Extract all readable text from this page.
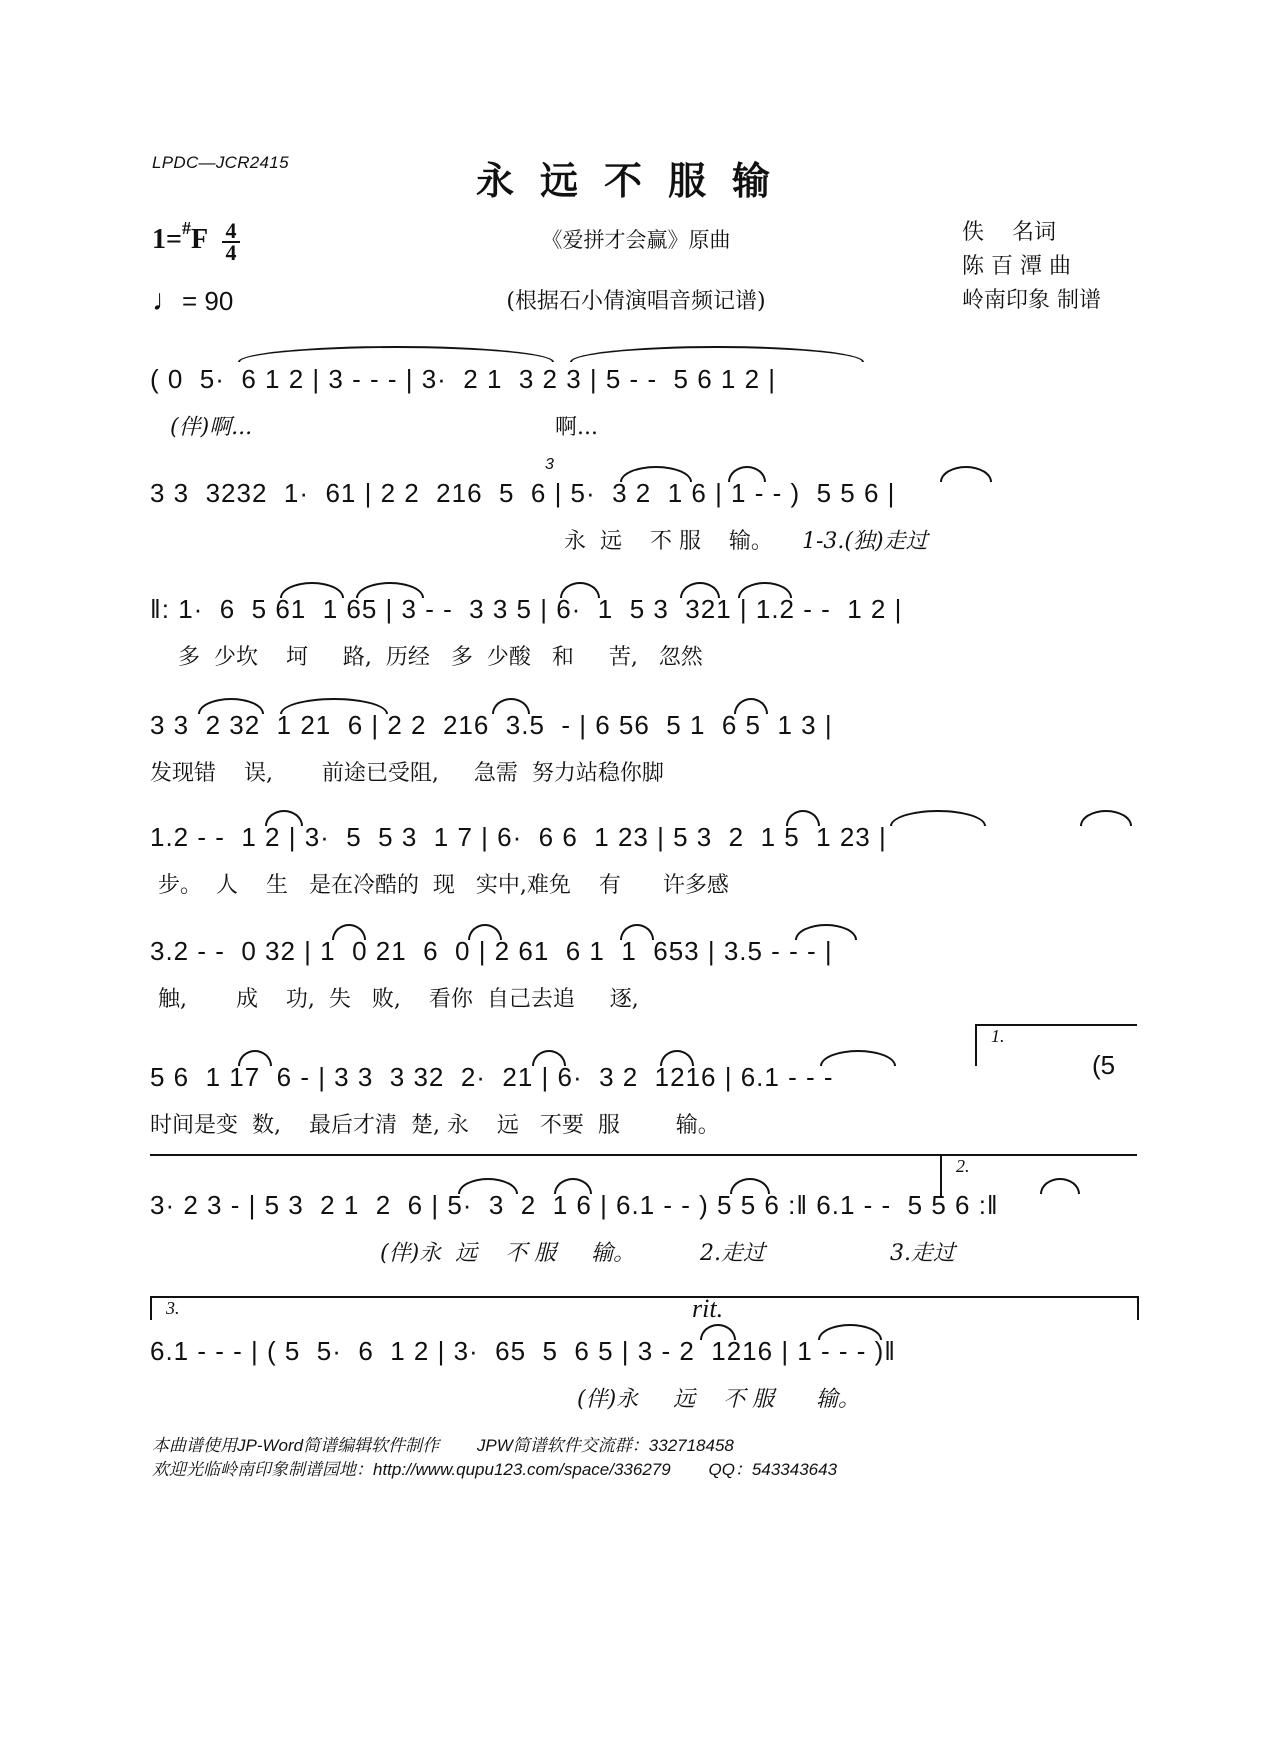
LPDC—JCR2415	永远不服输
$1=^{\#}F \frac{4}{4}$
♩= 90
《爱拼才会赢》原曲
(根据石小倩演唱音频记谱)
佚    名词
陈 百 潭 曲
岭南印象 制谱
( 0  5·  6 1 2 | 3 - - - | 3·  2 1  3 2 3 | 5 - -  5 6 1 2 |
(伴)啊...	啊...
3
3 3  3232  1·  61 | 2 2  216  5  6 | 5·  3 2  1 6 | 1 - - )  5 5 6 |
永  远    不 服    输。 1-3.(独)走过
‖: 1·  6  5 61  1 65 | 3 - -  3 3 5 | 6·  1  5 3  321 | 1.2 - -  1 2 |
多  少坎    坷     路,  历经   多  少酸   和     苦,   忽然
3 3  2 32  1 21  6 | 2 2  216  3.5  - | 6 56  5 1  6 5  1 3 |
发现错    误,       前途已受阻,     急需  努力站稳你脚
1.2 - -  1 2 | 3·  5  5 3  1 7 | 6·  6 6  1 23 | 5 3  2  1 5  1 23 |
步。  人    生   是在冷酷的  现   实中,难免    有      许多感
3.2 - -  0 32 | 1  0 21  6  0 | 2 61  6 1  1  653 | 3.5 - - - |
触,       成    功,  失   败,    看你  自己去追     逐,
1.
5 6  1 17  6 - | 3 3  3 32  2·  21 | 6·  3 2  1216 | 6.1 - - -	(5
时间是变  数,    最后才清  楚, 永    远   不要  服        输。
2.
3· 2 3 - | 5 3  2 1  2  6 | 5·  3  2  1 6 | 6.1 - - ) 5 5 6 :‖ 6.1 - -  5 5 6 :‖
(伴)永  远    不 服     输。	2.走过	3.走过
3.	rit.
6.1 - - - | ( 5  5·  6  1 2 | 3·  65  5  6 5 | 3 - 2  1216 | 1 - - - )‖
(伴)永     远    不 服      输。
本曲谱使用JP-Word简谱编辑软件制作        JPW简谱软件交流群：332718458
欢迎光临岭南印象制谱园地：http://www.qupu123.com/space/336279        QQ：543343643
